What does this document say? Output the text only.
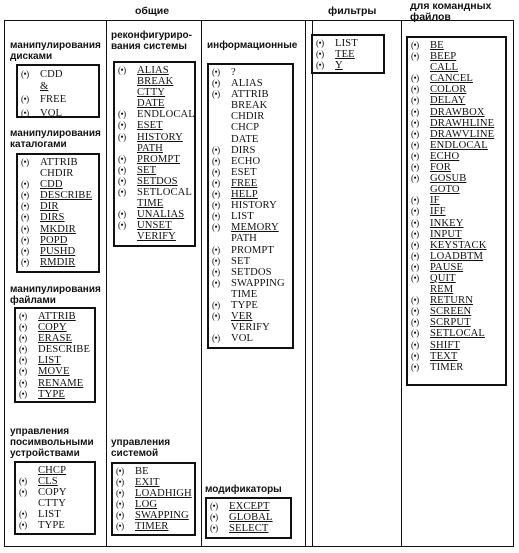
общие	фильтры	для командных
файлов
манипулирования
дисками
манипулирования
каталогами
манипулирования
файлами
управления
посимвольными
устройствами
реконфигуриро-
вания системы
управления
системой
информационные
модификаторы
(•)	CDD
&
(•)	FREE
(•)	VOL
(•)	ATTRIB
CHDIR
(•)	CDD
(•)	DESCRIBE
(•)	DIR
(•)	DIRS
(•)	MKDIR
(•)	POPD
(•)	PUSHD
(•)	RMDIR
(•)	ATTRIB
(•)	COPY
(•)	ERASE
(•)	DESCRIBE
(•)	LIST
(•)	MOVE
(•)	RENAME
(•)	TYPE
CHCP
(•)	CLS
(•)	COPY
CTTY
(•)	LIST
(•)	TYPE
(•)	ALIAS
BREAK
CTTY
DATE
(•)	ENDLOCAL
(•)	ESET
(•)	HISTORY
PATH
(•)	PROMPT
(•)	SET
(•)	SETDOS
(•)	SETLOCAL
TIME
(•)	UNALIAS
(•)	UNSET
VERIFY
(•)	BE
(•)	EXIT
(•)	LOADHIGH
(•)	LOG
(•)	SWAPPING
(•)	TIMER
(•)	?
(•)	ALIAS
(•)	ATTRIB
BREAK
CHDIR
CHCP
DATE
(•)	DIRS
(•)	ECHO
(•)	ESET
(•)	FREE
(•)	HELP
(•)	HISTORY
(•)	LIST
(•)	MEMORY
PATH
(•)	PROMPT
(•)	SET
(•)	SETDOS
(•)	SWAPPING
TIME
(•)	TYPE
(•)	VER
VERIFY
(•)	VOL
(•)	EXCEPT
(•)	GLOBAL
(•)	SELECT
(•)	LIST
(•)	TEE
(•)	Y
(•)	BE
(•)	BEEP
CALL
(•)	CANCEL
(•)	COLOR
(•)	DELAY
(•)	DRAWBOX
(•)	DRAWHLINE
(•)	DRAWVLINE
(•)	ENDLOCAL
(•)	ECHO
(•)	FOR
(•)	GOSUB
GOTO
(•)	IF
(•)	IFF
(•)	INKEY
(•)	INPUT
(•)	KEYSTACK
(•)	LOADBTM
(•)	PAUSE
(•)	QUIT
REM
(•)	RETURN
(•)	SCREEN
(•)	SCRPUT
(•)	SETLOCAL
(•)	SHIFT
(•)	TEXT
(•)	TIMER
